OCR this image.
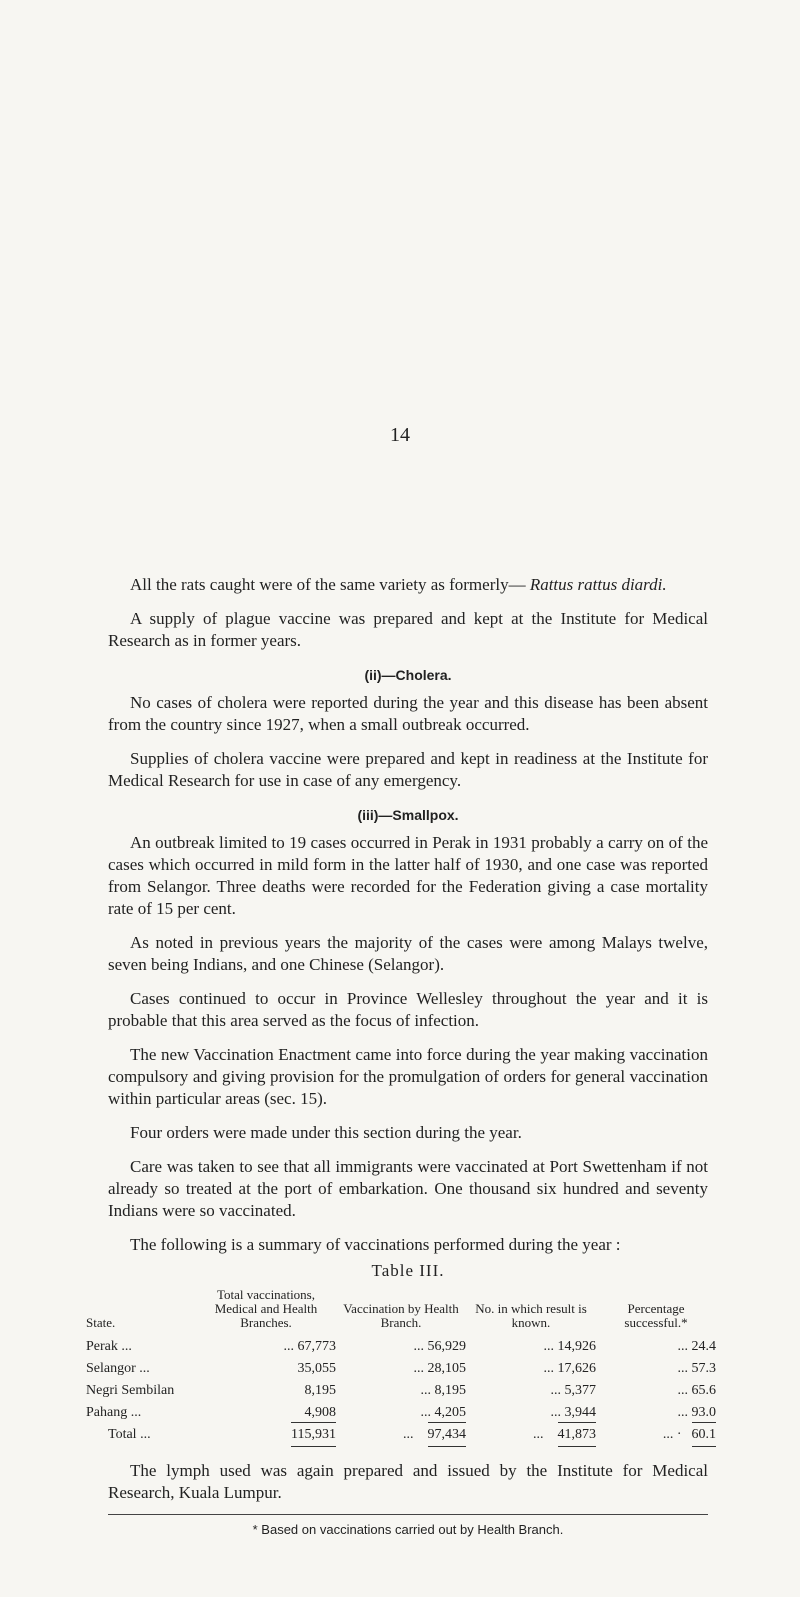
14

All the rats caught were of the same variety as formerly— Rattus rattus diardi.

A supply of plague vaccine was prepared and kept at the Institute for Medical Research as in former years.

(ii)—Cholera.

No cases of cholera were reported during the year and this disease has been absent from the country since 1927, when a small outbreak occurred.

Supplies of cholera vaccine were prepared and kept in readiness at the Institute for Medical Research for use in case of any emergency.

(iii)—Smallpox.

An outbreak limited to 19 cases occurred in Perak in 1931 probably a carry on of the cases which occurred in mild form in the latter half of 1930, and one case was reported from Selangor. Three deaths were recorded for the Federation giving a case mortality rate of 15 per cent.

As noted in previous years the majority of the cases were among Malays twelve, seven being Indians, and one Chinese (Selangor).

Cases continued to occur in Province Wellesley throughout the year and it is probable that this area served as the focus of infection.

The new Vaccination Enactment came into force during the year making vaccination compulsory and giving provision for the promulgation of orders for general vaccination within particular areas (sec. 15).

Four orders were made under this section during the year.

Care was taken to see that all immigrants were vaccinated at Port Swettenham if not already so treated at the port of embarkation. One thousand six hundred and seventy Indians were so vaccinated.

The following is a summary of vaccinations performed during the year :

Table III.
State.	Total vaccinations, Medical and Health Branches.	Vaccination by Health Branch.	No. in which result is known.	Percentage successful.*
Perak ...	... 67,773	... 56,929	... 14,926	... 24.4
Selangor ...	35,055	... 28,105	... 17,626	... 57.3
Negri Sembilan	8,195	... 8,195	... 5,377	... 65.6
Pahang ...	4,908	... 4,205	... 3,944	... 93.0
Total ...	115,931	... 97,434	... 41,873	... · 60.1

The lymph used was again prepared and issued by the Institute for Medical Research, Kuala Lumpur.

* Based on vaccinations carried out by Health Branch.
